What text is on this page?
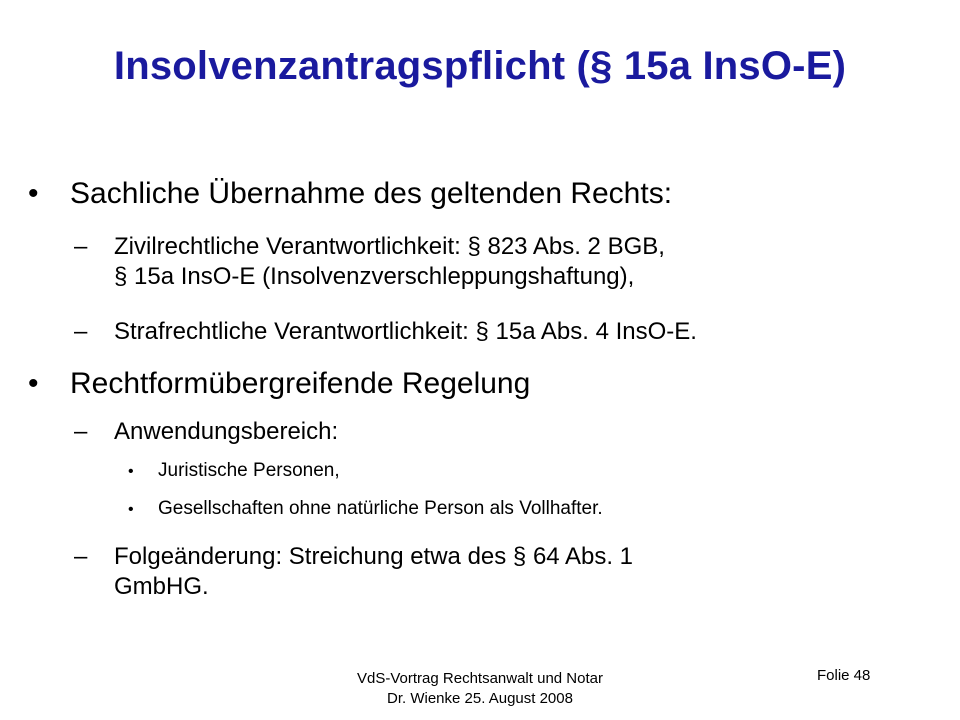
Insolvenzantragspflicht (§ 15a InsO-E)
• Sachliche Übernahme des geltenden Rechts:
–	Zivilrechtliche Verantwortlichkeit: § 823 Abs. 2 BGB,
§ 15a InsO-E (Insolvenzverschleppungshaftung),
–	Strafrechtliche Verantwortlichkeit: § 15a Abs. 4 InsO-E.
• Rechtformübergreifende Regelung
–	Anwendungsbereich:
• Juristische Personen,
• Gesellschaften ohne natürliche Person als Vollhafter.
–	Folgeänderung: Streichung etwa des § 64 Abs. 1
GmbHG.
VdS-Vortrag Rechtsanwalt und Notar
Dr. Wienke 25. August 2008
Folie 48
